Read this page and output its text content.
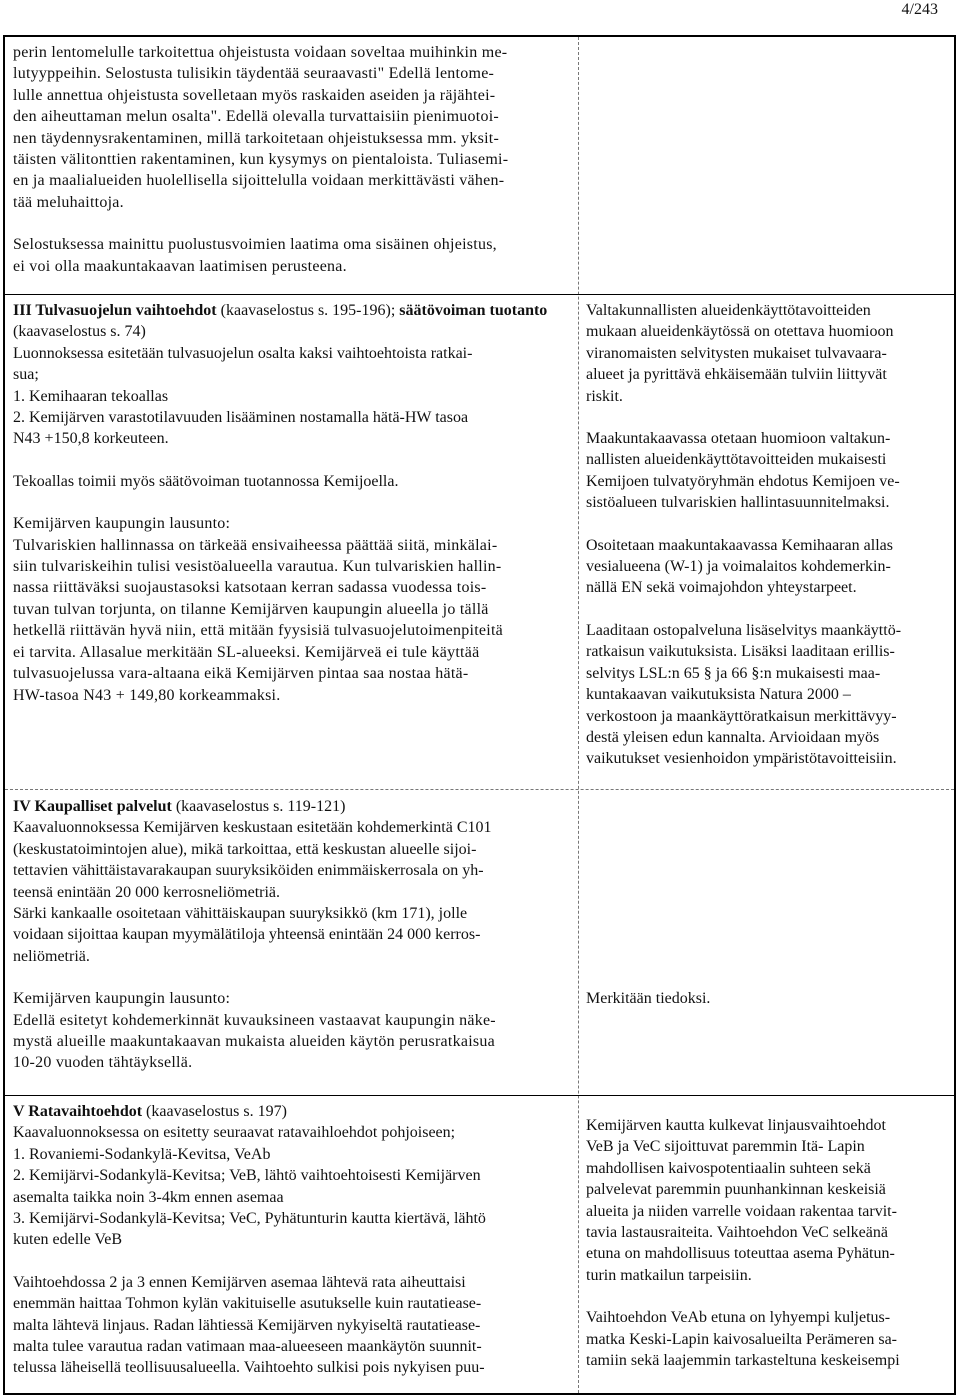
4/243
perin lentomelulle tarkoitettua ohjeistusta voidaan soveltaa muihinkin me-
lutyyppeihin. Selostusta tulisikin täydentää seuraavasti" Edellä lentome-
lulle annettua ohjeistusta sovelletaan myös raskaiden aseiden ja räjähtei-
den aiheuttaman melun osalta". Edellä olevalla turvattaisiin pienimuotoi-
nen täydennysrakentaminen, millä tarkoitetaan ohjeistuksessa mm. yksit-
täisten välitonttien rakentaminen, kun kysymys on pientaloista. Tuliasemi-
en ja maalialueiden huolellisella sijoittelulla voidaan merkittävästi vähen-
tää meluhaittoja.
Selostuksessa mainittu puolustusvoimien laatima oma sisäinen ohjeistus,
ei voi olla maakuntakaavan laatimisen perusteena.
III Tulvasuojelun vaihtoehdot (kaavaselostus s. 195-196); säätövoiman tuotanto
(kaavaselostus s. 74)
Luonnoksessa esitetään tulvasuojelun osalta kaksi vaihtoehtoista ratkai-
sua;
1. Kemihaaran tekoallas
2. Kemijärven varastotilavuuden lisääminen nostamalla hätä-HW tasoa
N43 +150,8 korkeuteen.
Tekoallas toimii myös säätövoiman tuotannossa Kemijoella.
Kemijärven kaupungin lausunto:
Tulvariskien hallinnassa on tärkeää ensivaiheessa päättää siitä, minkälai-
siin tulvariskeihin tulisi vesistöalueella varautua. Kun tulvariskien hallin-
nassa riittäväksi suojaustasoksi katsotaan kerran sadassa vuodessa tois-
tuvan tulvan torjunta, on tilanne Kemijärven kaupungin alueella jo tällä
hetkellä riittävän hyvä niin, että mitään fyysisiä tulvasuojelutoimenpiteitä
ei tarvita. Allasalue merkitään SL-alueeksi. Kemijärveä ei tule käyttää
tulvasuojelussa vara-altaana eikä Kemijärven pintaa saa nostaa hätä-
HW-tasoa N43 + 149,80 korkeammaksi.
Valtakunnallisten alueidenkäyttötavoitteiden
mukaan alueidenkäytössä on otettava huomioon
viranomaisten selvitysten mukaiset tulvavaara-
alueet ja pyrittävä ehkäisemään tulviin liittyvät
riskit.
Maakuntakaavassa otetaan huomioon valtakun-
nallisten alueidenkäyttötavoitteiden mukaisesti
Kemijoen tulvatyöryhmän ehdotus Kemijoen ve-
sistöalueen tulvariskien hallintasuunnitelmaksi.
Osoitetaan maakuntakaavassa Kemihaaran allas
vesialueena (W-1) ja voimalaitos kohdemerkin-
nällä EN sekä voimajohdon yhteystarpeet.
Laaditaan ostopalveluna lisäselvitys maankäyttö-
ratkaisun vaikutuksista. Lisäksi laaditaan erillis-
selvitys LSL:n 65 § ja 66 §:n mukaisesti maa-
kuntakaavan vaikutuksista Natura 2000 –
verkostoon ja maankäyttöratkaisun merkittävyy-
destä yleisen edun kannalta. Arvioidaan myös
vaikutukset vesienhoidon ympäristötavoitteisiin.
IV Kaupalliset palvelut (kaavaselostus s. 119-121)
Kaavaluonnoksessa Kemijärven keskustaan esitetään kohdemerkintä C101
(keskustatoimintojen alue), mikä tarkoittaa, että keskustan alueelle sijoi-
tettavien vähittäistavarakaupan suuryksiköiden enimmäiskerrosala on yh-
teensä enintään 20 000 kerrosneliömetriä.
Särki kankaalle osoitetaan vähittäiskaupan suuryksikkö (km 171), jolle
voidaan sijoittaa kaupan myymälätiloja yhteensä enintään 24 000 kerros-
neliömetriä.
Kemijärven kaupungin lausunto:
Edellä esitetyt kohdemerkinnät kuvauksineen vastaavat kaupungin näke-
mystä alueille maakuntakaavan mukaista alueiden käytön perusratkaisua
10-20 vuoden tähtäyksellä.
Merkitään tiedoksi.
V Ratavaihtoehdot (kaavaselostus s. 197)
Kaavaluonnoksessa on esitetty seuraavat ratavaihloehdot pohjoiseen;
1. Rovaniemi-Sodankylä-Kevitsa, VeAb
2. Kemijärvi-Sodankylä-Kevitsa; VeB, lähtö vaihtoehtoisesti Kemijärven
asemalta taikka noin 3-4km ennen asemaa
3. Kemijärvi-Sodankylä-Kevitsa; VeC, Pyhätunturin kautta kiertävä, lähtö
kuten edelle VeB
Vaihtoehdossa 2 ja 3 ennen Kemijärven asemaa lähtevä rata aiheuttaisi
enemmän haittaa Tohmon kylän vakituiselle asutukselle kuin rautatiease-
malta lähtevä linjaus. Radan lähtiessä Kemijärven nykyiseltä rautatiease-
malta tulee varautua radan vatimaan maa-alueeseen maankäytön suunnit-
telussa läheisellä teollisuusalueella. Vaihtoehto sulkisi pois nykyisen puu-
Kemijärven kautta kulkevat linjausvaihtoehdot
VeB ja VeC sijoittuvat paremmin Itä- Lapin
mahdollisen kaivospotentiaalin suhteen sekä
palvelevat paremmin puunhankinnan keskeisiä
alueita ja niiden varrelle voidaan rakentaa tarvit-
tavia lastausraiteita. Vaihtoehdon VeC selkeänä
etuna on mahdollisuus toteuttaa asema Pyhätun-
turin matkailun tarpeisiin.
Vaihtoehdon VeAb etuna on lyhyempi kuljetus-
matka Keski-Lapin kaivosalueilta Perämeren sa-
tamiin sekä laajemmin tarkasteltuna keskeisempi
